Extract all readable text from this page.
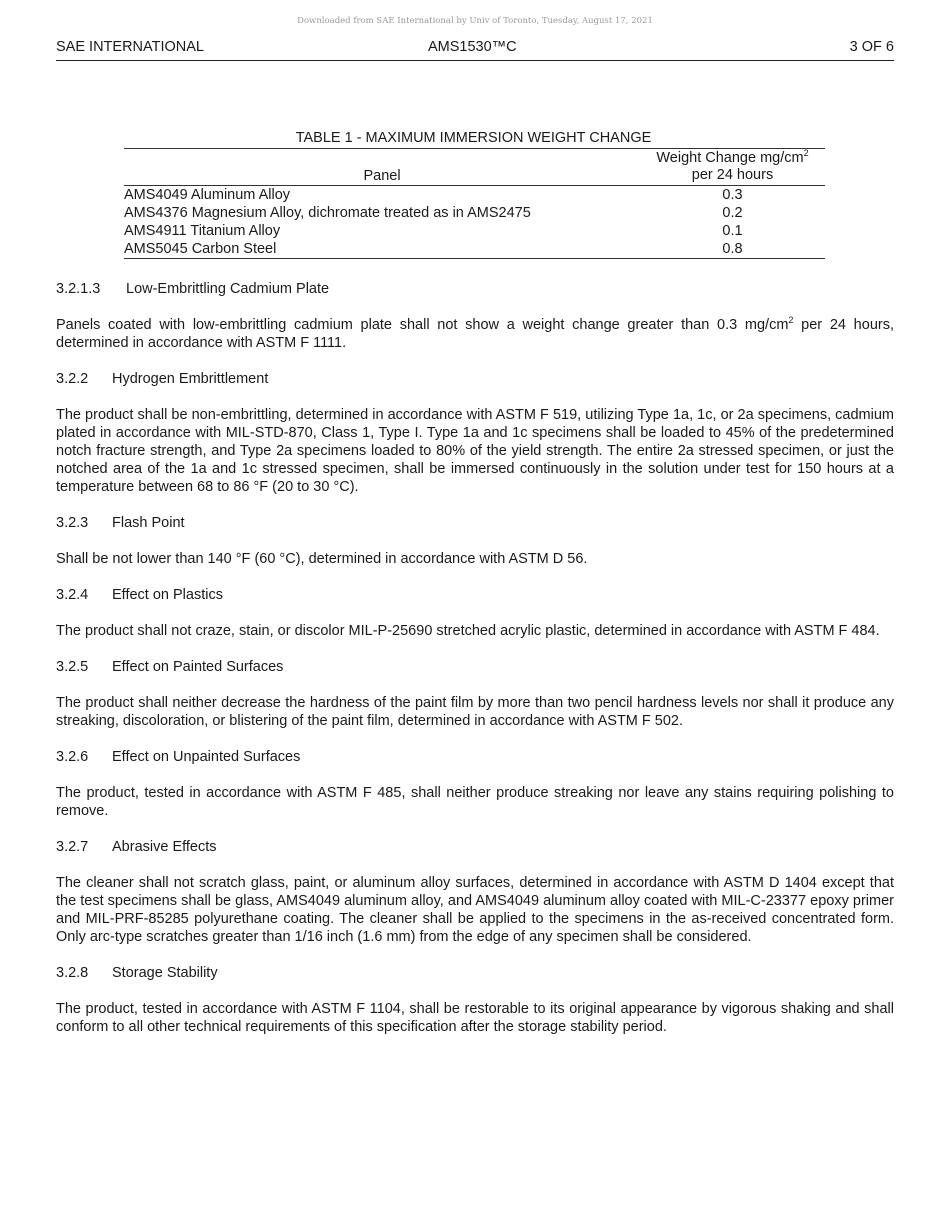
Downloaded from SAE International by Univ of Toronto, Tuesday, August 17, 2021
SAE INTERNATIONAL	AMS1530™C	3 OF 6
TABLE 1 - MAXIMUM IMMERSION WEIGHT CHANGE
Panel
Weight Change $mg/cm^2$
per 24 hours
AMS4049 Aluminum Alloy	0.3
AMS4376 Magnesium Alloy, dichromate treated as in AMS2475	0.2
AMS4911 Titanium Alloy	0.1
AMS5045 Carbon Steel	0.8
3.2.1.3 Low-Embrittling Cadmium Plate

Panels coated with low-embrittling cadmium plate shall not show a weight change greater than 0.3 $mg/cm^2$ per 24 hours, determined in accordance with ASTM F 1111.

3.2.2 Hydrogen Embrittlement

The product shall be non-embrittling, determined in accordance with ASTM F 519, utilizing Type 1a, 1c, or 2a specimens, cadmium plated in accordance with MIL-STD-870, Class 1, Type I. Type 1a and 1c specimens shall be loaded to 45% of the predetermined notch fracture strength, and Type 2a specimens loaded to 80% of the yield strength. The entire 2a stressed specimen, or just the notched area of the 1a and 1c stressed specimen, shall be immersed continuously in the solution under test for 150 hours at a temperature between 68 to 86 °F (20 to 30 °C).

3.2.3 Flash Point

Shall be not lower than 140 °F (60 °C), determined in accordance with ASTM D 56.

3.2.4 Effect on Plastics

The product shall not craze, stain, or discolor MIL-P-25690 stretched acrylic plastic, determined in accordance with ASTM F 484.

3.2.5 Effect on Painted Surfaces

The product shall neither decrease the hardness of the paint film by more than two pencil hardness levels nor shall it produce any streaking, discoloration, or blistering of the paint film, determined in accordance with ASTM F 502.

3.2.6 Effect on Unpainted Surfaces

The product, tested in accordance with ASTM F 485, shall neither produce streaking nor leave any stains requiring polishing to remove.

3.2.7 Abrasive Effects

The cleaner shall not scratch glass, paint, or aluminum alloy surfaces, determined in accordance with ASTM D 1404 except that the test specimens shall be glass, AMS4049 aluminum alloy, and AMS4049 aluminum alloy coated with MIL-C-23377 epoxy primer and MIL-PRF-85285 polyurethane coating. The cleaner shall be applied to the specimens in the as-received concentrated form. Only arc-type scratches greater than 1/16 inch (1.6 mm) from the edge of any specimen shall be considered.

3.2.8 Storage Stability

The product, tested in accordance with ASTM F 1104, shall be restorable to its original appearance by vigorous shaking and shall conform to all other technical requirements of this specification after the storage stability period.
